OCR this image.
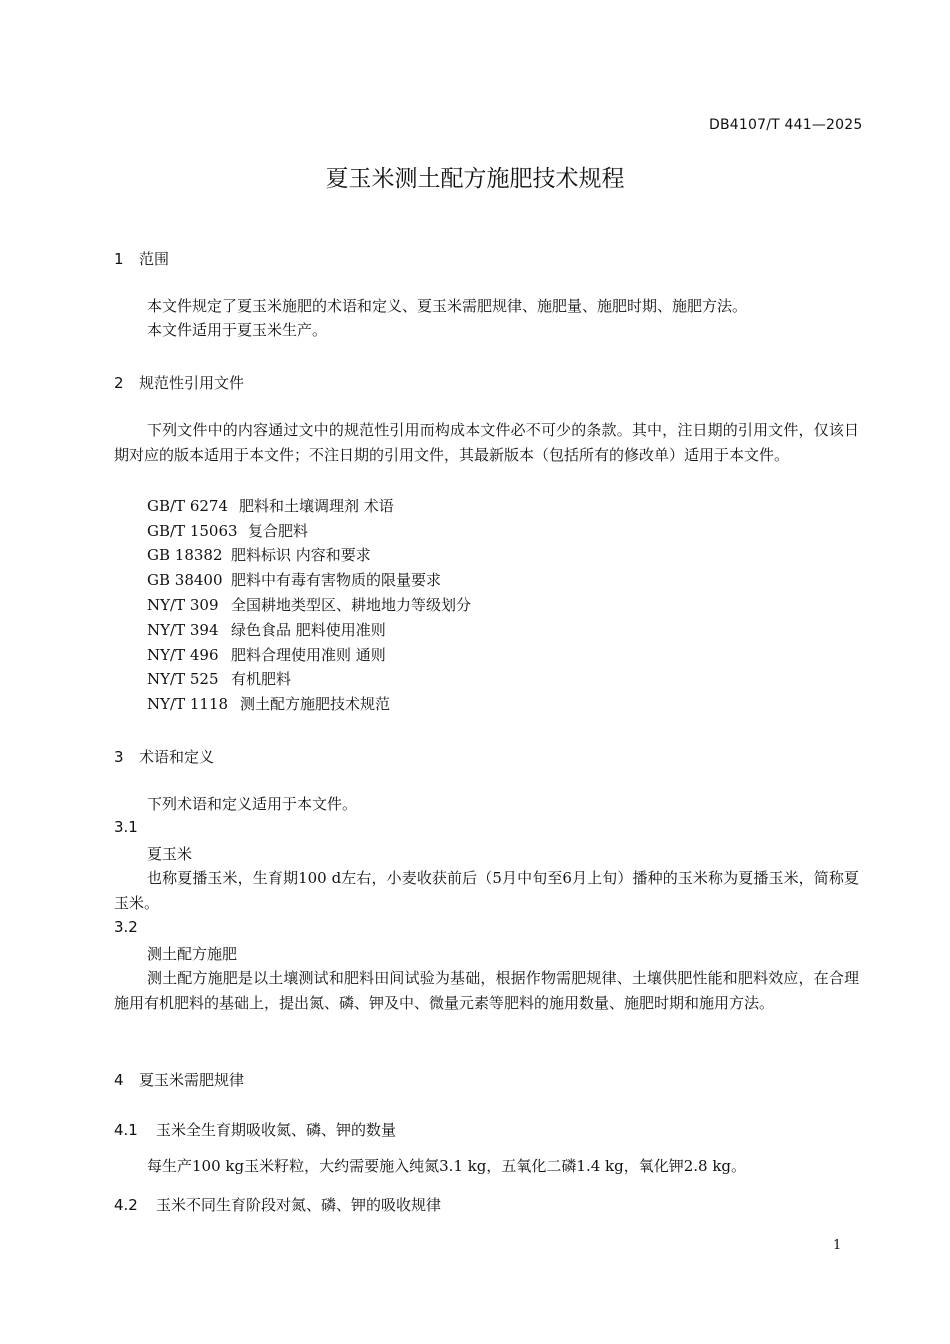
DB4107/T 441—2025
夏玉米测土配方施肥技术规程
1 范围
本文件规定了夏玉米施肥的术语和定义、夏玉米需肥规律、施肥量、施肥时期、施肥方法。
本文件适用于夏玉米生产。
2 规范性引用文件
下列文件中的内容通过文中的规范性引用而构成本文件必不可少的条款。其中，注日期的引用文件，仅该日期对应的版本适用于本文件；不注日期的引用文件，其最新版本（包括所有的修改单）适用于本文件。
GB/T 6274 肥料和土壤调理剂 术语
GB/T 15063 复合肥料
GB 18382 肥料标识 内容和要求
GB 38400 肥料中有毒有害物质的限量要求
NY/T 309 全国耕地类型区、耕地地力等级划分
NY/T 394 绿色食品 肥料使用准则
NY/T 496 肥料合理使用准则 通则
NY/T 525 有机肥料
NY/T 1118 测土配方施肥技术规范
3 术语和定义
下列术语和定义适用于本文件。
3.1
夏玉米
也称夏播玉米，生育期100 d左右，小麦收获前后（5月中旬至6月上旬）播种的玉米称为夏播玉米，简称夏玉米。
3.2
测土配方施肥
测土配方施肥是以土壤测试和肥料田间试验为基础，根据作物需肥规律、土壤供肥性能和肥料效应，在合理施用有机肥料的基础上，提出氮、磷、钾及中、微量元素等肥料的施用数量、施肥时期和施用方法。
4 夏玉米需肥规律
4.1 玉米全生育期吸收氮、磷、钾的数量
每生产100 kg玉米籽粒，大约需要施入纯氮3.1 kg，五氧化二磷1.4 kg，氧化钾2.8 kg。
4.2 玉米不同生育阶段对氮、磷、钾的吸收规律
1
